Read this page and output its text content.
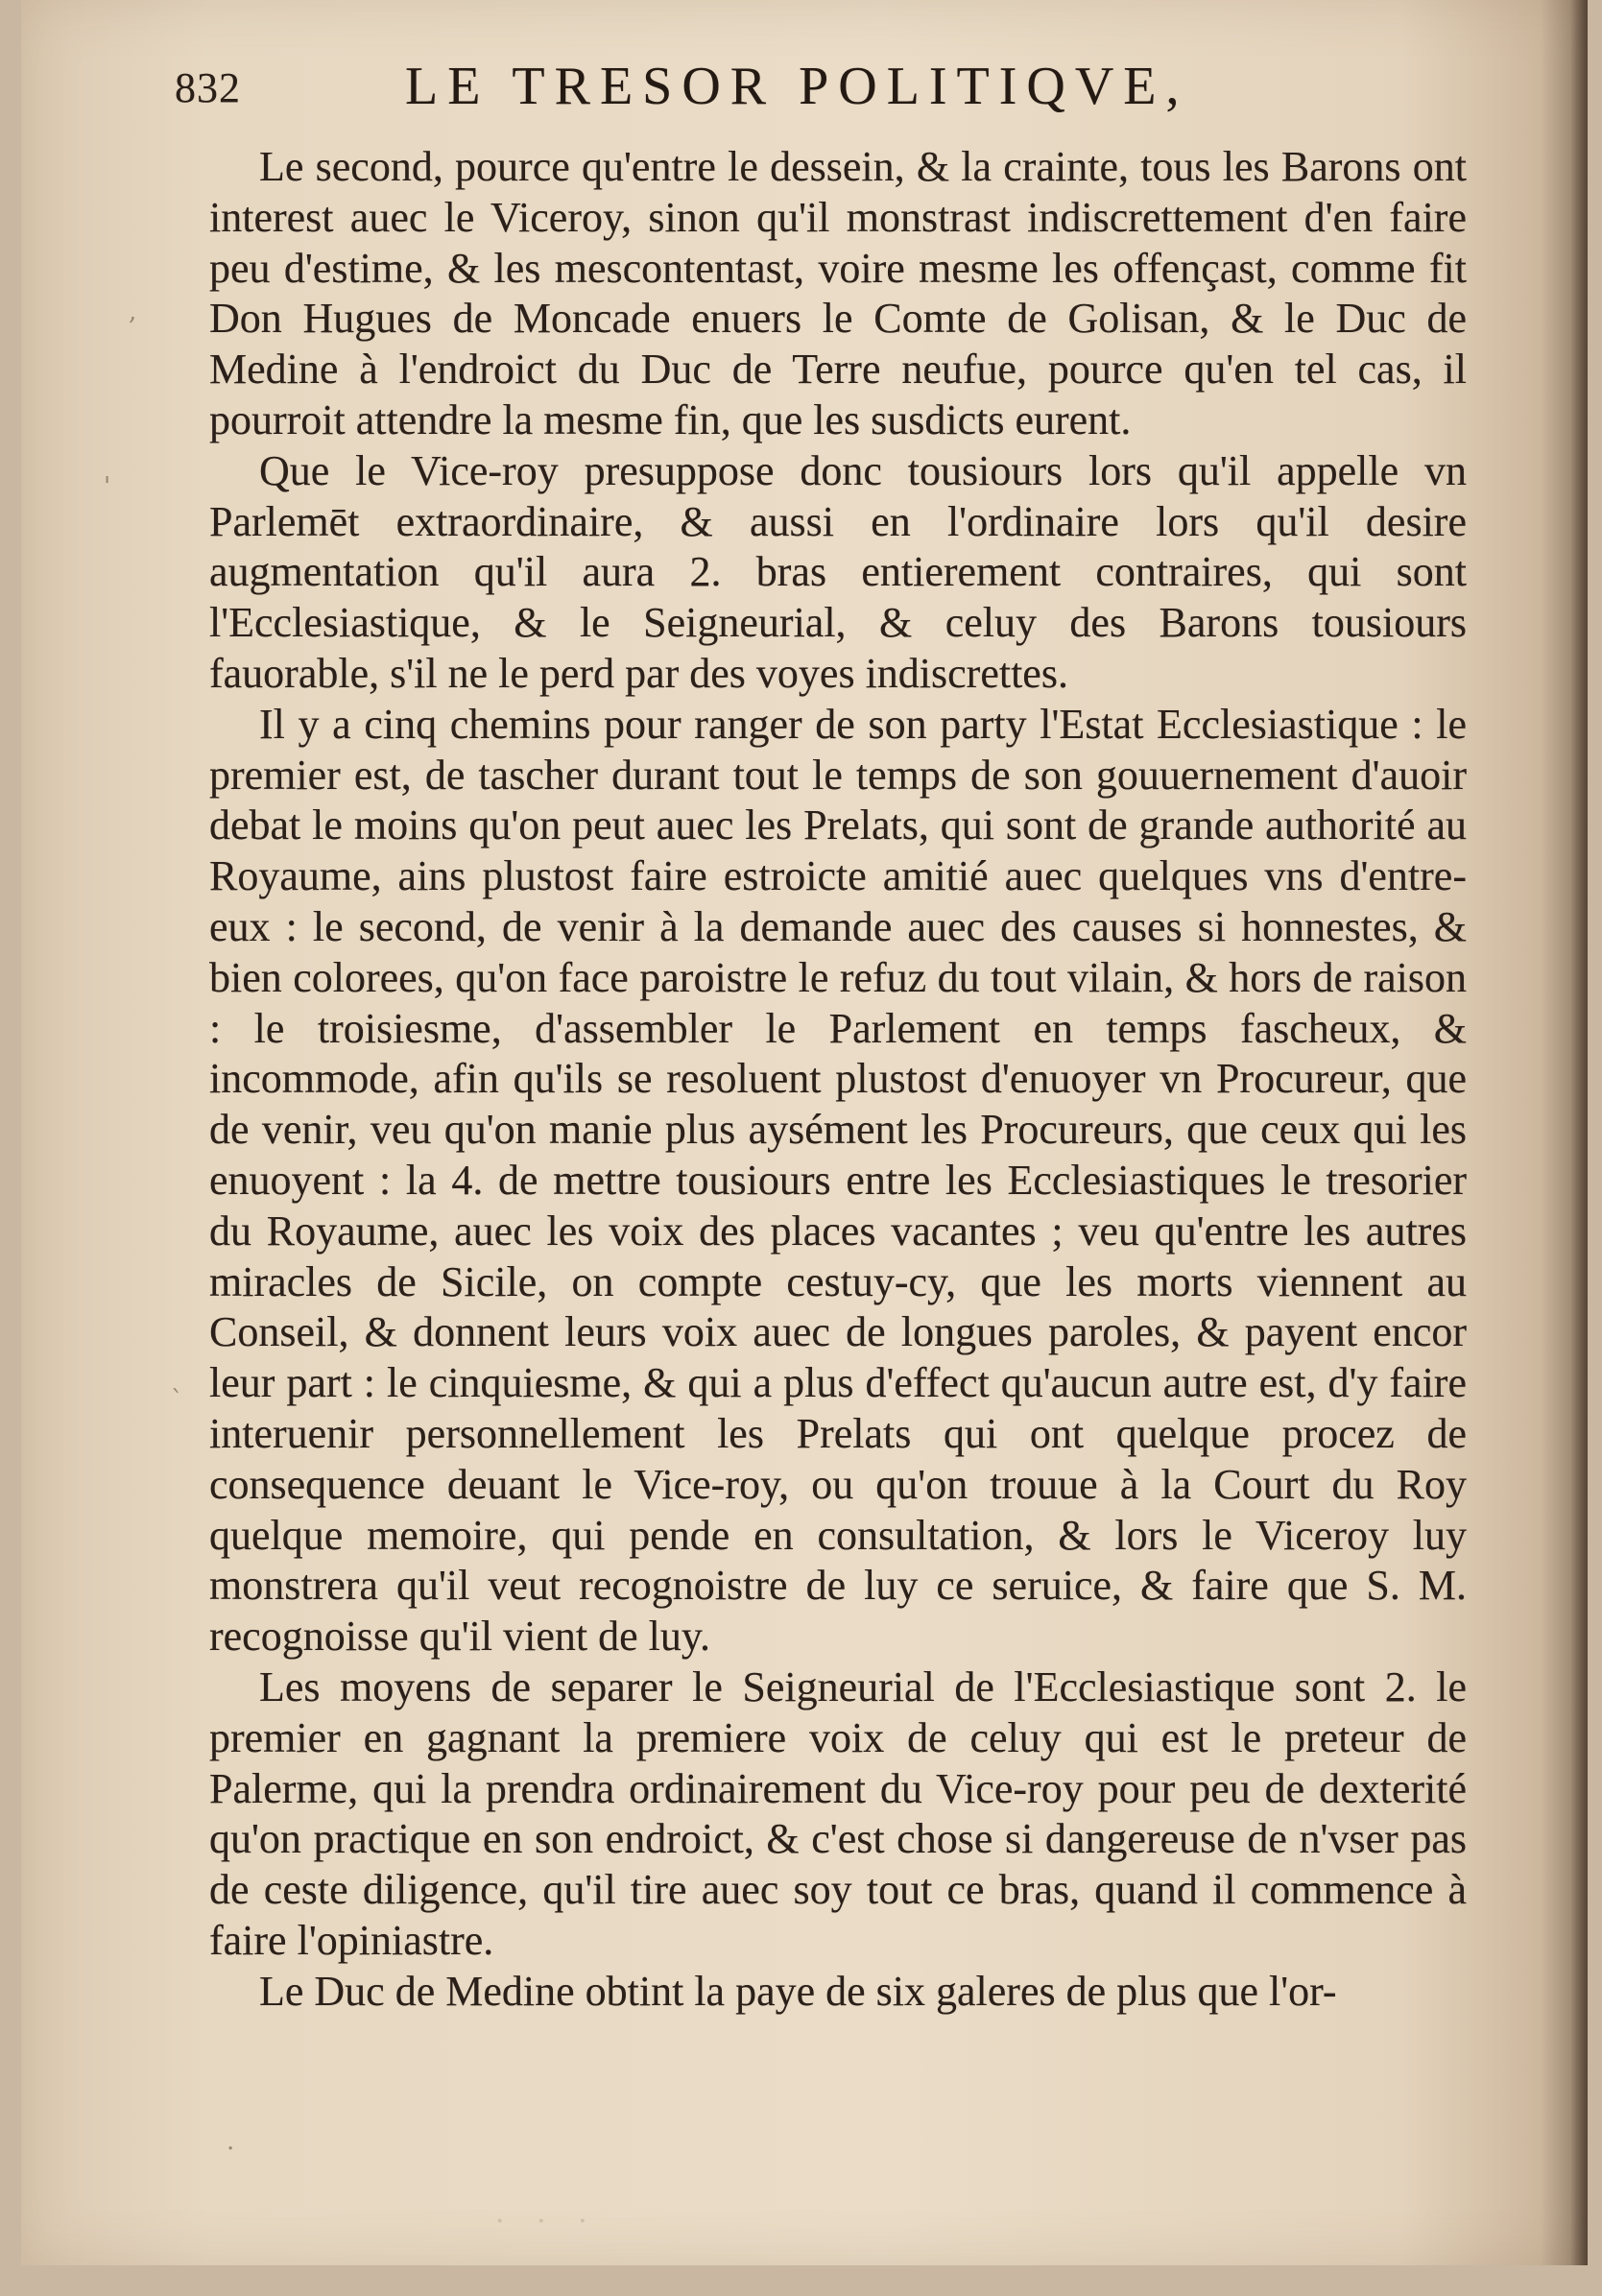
832	LE TRESOR POLITIQVE,
,
'
`
·

Le second, pource qu'entre le dessein, & la crainte, tous les Barons ont interest auec le Viceroy, sinon qu'il monstrast indiscrettement d'en faire peu d'estime, & les mescontentast, voire mesme les offençast, comme fit Don Hugues de Moncade enuers le Comte de Golisan, & le Duc de Medine à l'endroict du Duc de Terre neufue, pource qu'en tel cas, il pourroit attendre la mesme fin, que les susdicts eurent.

Que le Vice-roy presuppose donc tousiours lors qu'il appelle vn Parlemēt extraordinaire, & aussi en l'ordinaire lors qu'il desire augmentation qu'il aura 2. bras entierement contraires, qui sont l'Ecclesiastique, & le Seigneurial, & celuy des Barons tousiours fauorable, s'il ne le perd par des voyes indiscrettes.

Il y a cinq chemins pour ranger de son party l'Estat Ecclesiastique : le premier est, de tascher durant tout le temps de son gouuernement d'auoir debat le moins qu'on peut auec les Prelats, qui sont de grande authorité au Royaume, ains plustost faire estroicte amitié auec quelques vns d'entre-eux : le second, de venir à la demande auec des causes si honnestes, & bien colorees, qu'on face paroistre le refuz du tout vilain, & hors de raison : le troisiesme, d'assembler le Parlement en temps fascheux, & incommode, afin qu'ils se resoluent plustost d'enuoyer vn Procureur, que de venir, veu qu'on manie plus aysément les Procureurs, que ceux qui les enuoyent : la 4. de mettre tousiours entre les Ecclesiastiques le tresorier du Royaume, auec les voix des places vacantes ; veu qu'entre les autres miracles de Sicile, on compte cestuy-cy, que les morts viennent au Conseil, & donnent leurs voix auec de longues paroles, & payent encor leur part : le cinquiesme, & qui a plus d'effect qu'aucun autre est, d'y faire interuenir personnellement les Prelats qui ont quelque procez de consequence deuant le Vice-roy, ou qu'on trouue à la Court du Roy quelque memoire, qui pende en consultation, & lors le Viceroy luy monstrera qu'il veut recognoistre de luy ce seruice, & faire que S. M. recognoisse qu'il vient de luy.

Les moyens de separer le Seigneurial de l'Ecclesiastique sont 2. le premier en gagnant la premiere voix de celuy qui est le preteur de Palerme, qui la prendra ordinairement du Vice-roy pour peu de dexterité qu'on practique en son endroict, & c'est chose si dangereuse de n'vser pas de ceste diligence, qu'il tire auec soy tout ce bras, quand il commence à faire l'opiniastre.

Le Duc de Medine obtint la paye de six galeres de plus que l'or-

· · ·
